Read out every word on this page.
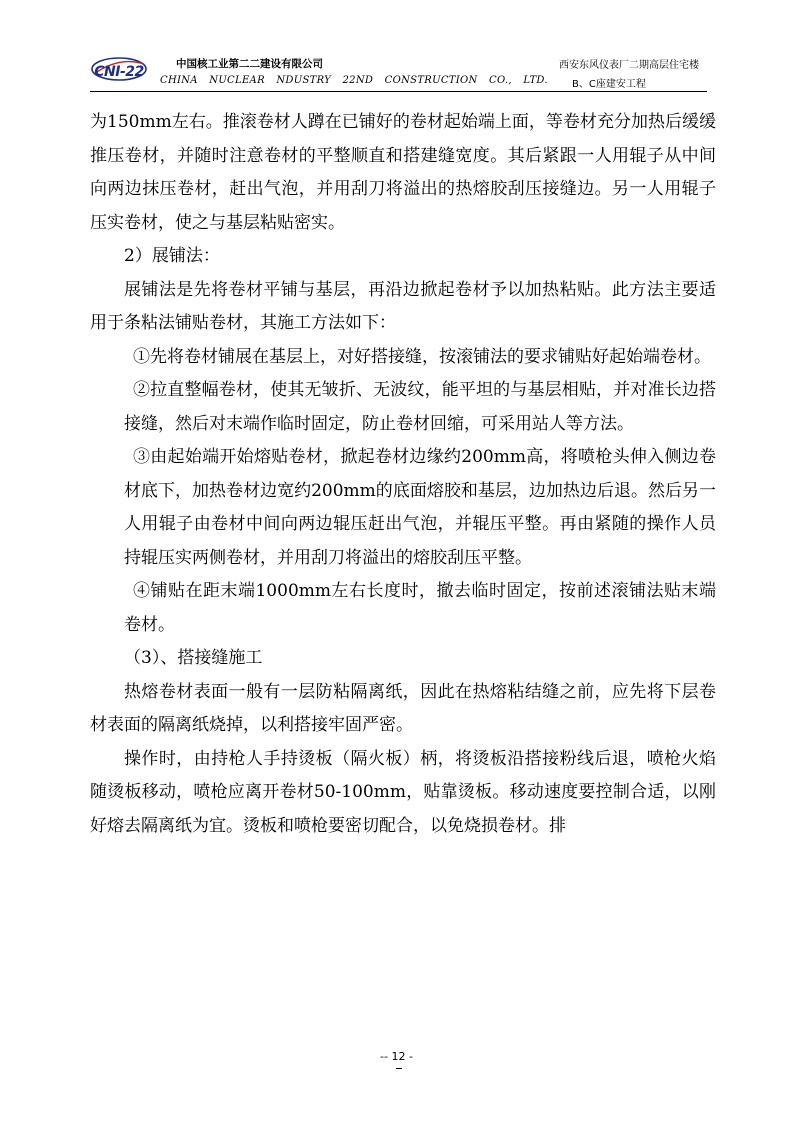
CNI-22	中国核工业第二二建设有限公司	西安东风仪表厂二期高层住宅楼
CHINA NUCLEAR NDUSTRY 22ND CONSTRUCTION CO., LTD. B、C座建安工程

为150mm左右。推滚卷材人蹲在已铺好的卷材起始端上面，等卷材充分加热后缓缓推压卷材，并随时注意卷材的平整顺直和搭建缝宽度。其后紧跟一人用辊子从中间向两边抹压卷材，赶出气泡，并用刮刀将溢出的热熔胶刮压接缝边。另一人用辊子压实卷材，使之与基层粘贴密实。

2）展铺法：

展铺法是先将卷材平铺与基层，再沿边掀起卷材予以加热粘贴。此方法主要适用于条粘法铺贴卷材，其施工方法如下：

①先将卷材铺展在基层上，对好搭接缝，按滚铺法的要求铺贴好起始端卷材。

②拉直整幅卷材，使其无皱折、无波纹，能平坦的与基层相贴，并对准长边搭接缝，然后对末端作临时固定，防止卷材回缩，可采用站人等方法。

③由起始端开始熔贴卷材，掀起卷材边缘约200mm高，将喷枪头伸入侧边卷材底下，加热卷材边宽约200mm的底面熔胶和基层，边加热边后退。然后另一人用辊子由卷材中间向两边辊压赶出气泡，并辊压平整。再由紧随的操作人员持辊压实两侧卷材，并用刮刀将溢出的熔胶刮压平整。

④铺贴在距末端1000mm左右长度时，撤去临时固定，按前述滚铺法贴末端卷材。

（3）、搭接缝施工

热熔卷材表面一般有一层防粘隔离纸，因此在热熔粘结缝之前，应先将下层卷材表面的隔离纸烧掉，以利搭接牢固严密。

操作时，由持枪人手持烫板（隔火板）柄，将烫板沿搭接粉线后退，喷枪火焰随烫板移动，喷枪应离开卷材50-100mm，贴靠烫板。移动速度要控制合适，以刚好熔去隔离纸为宜。烫板和喷枪要密切配合，以免烧损卷材。排

-- 12 -
